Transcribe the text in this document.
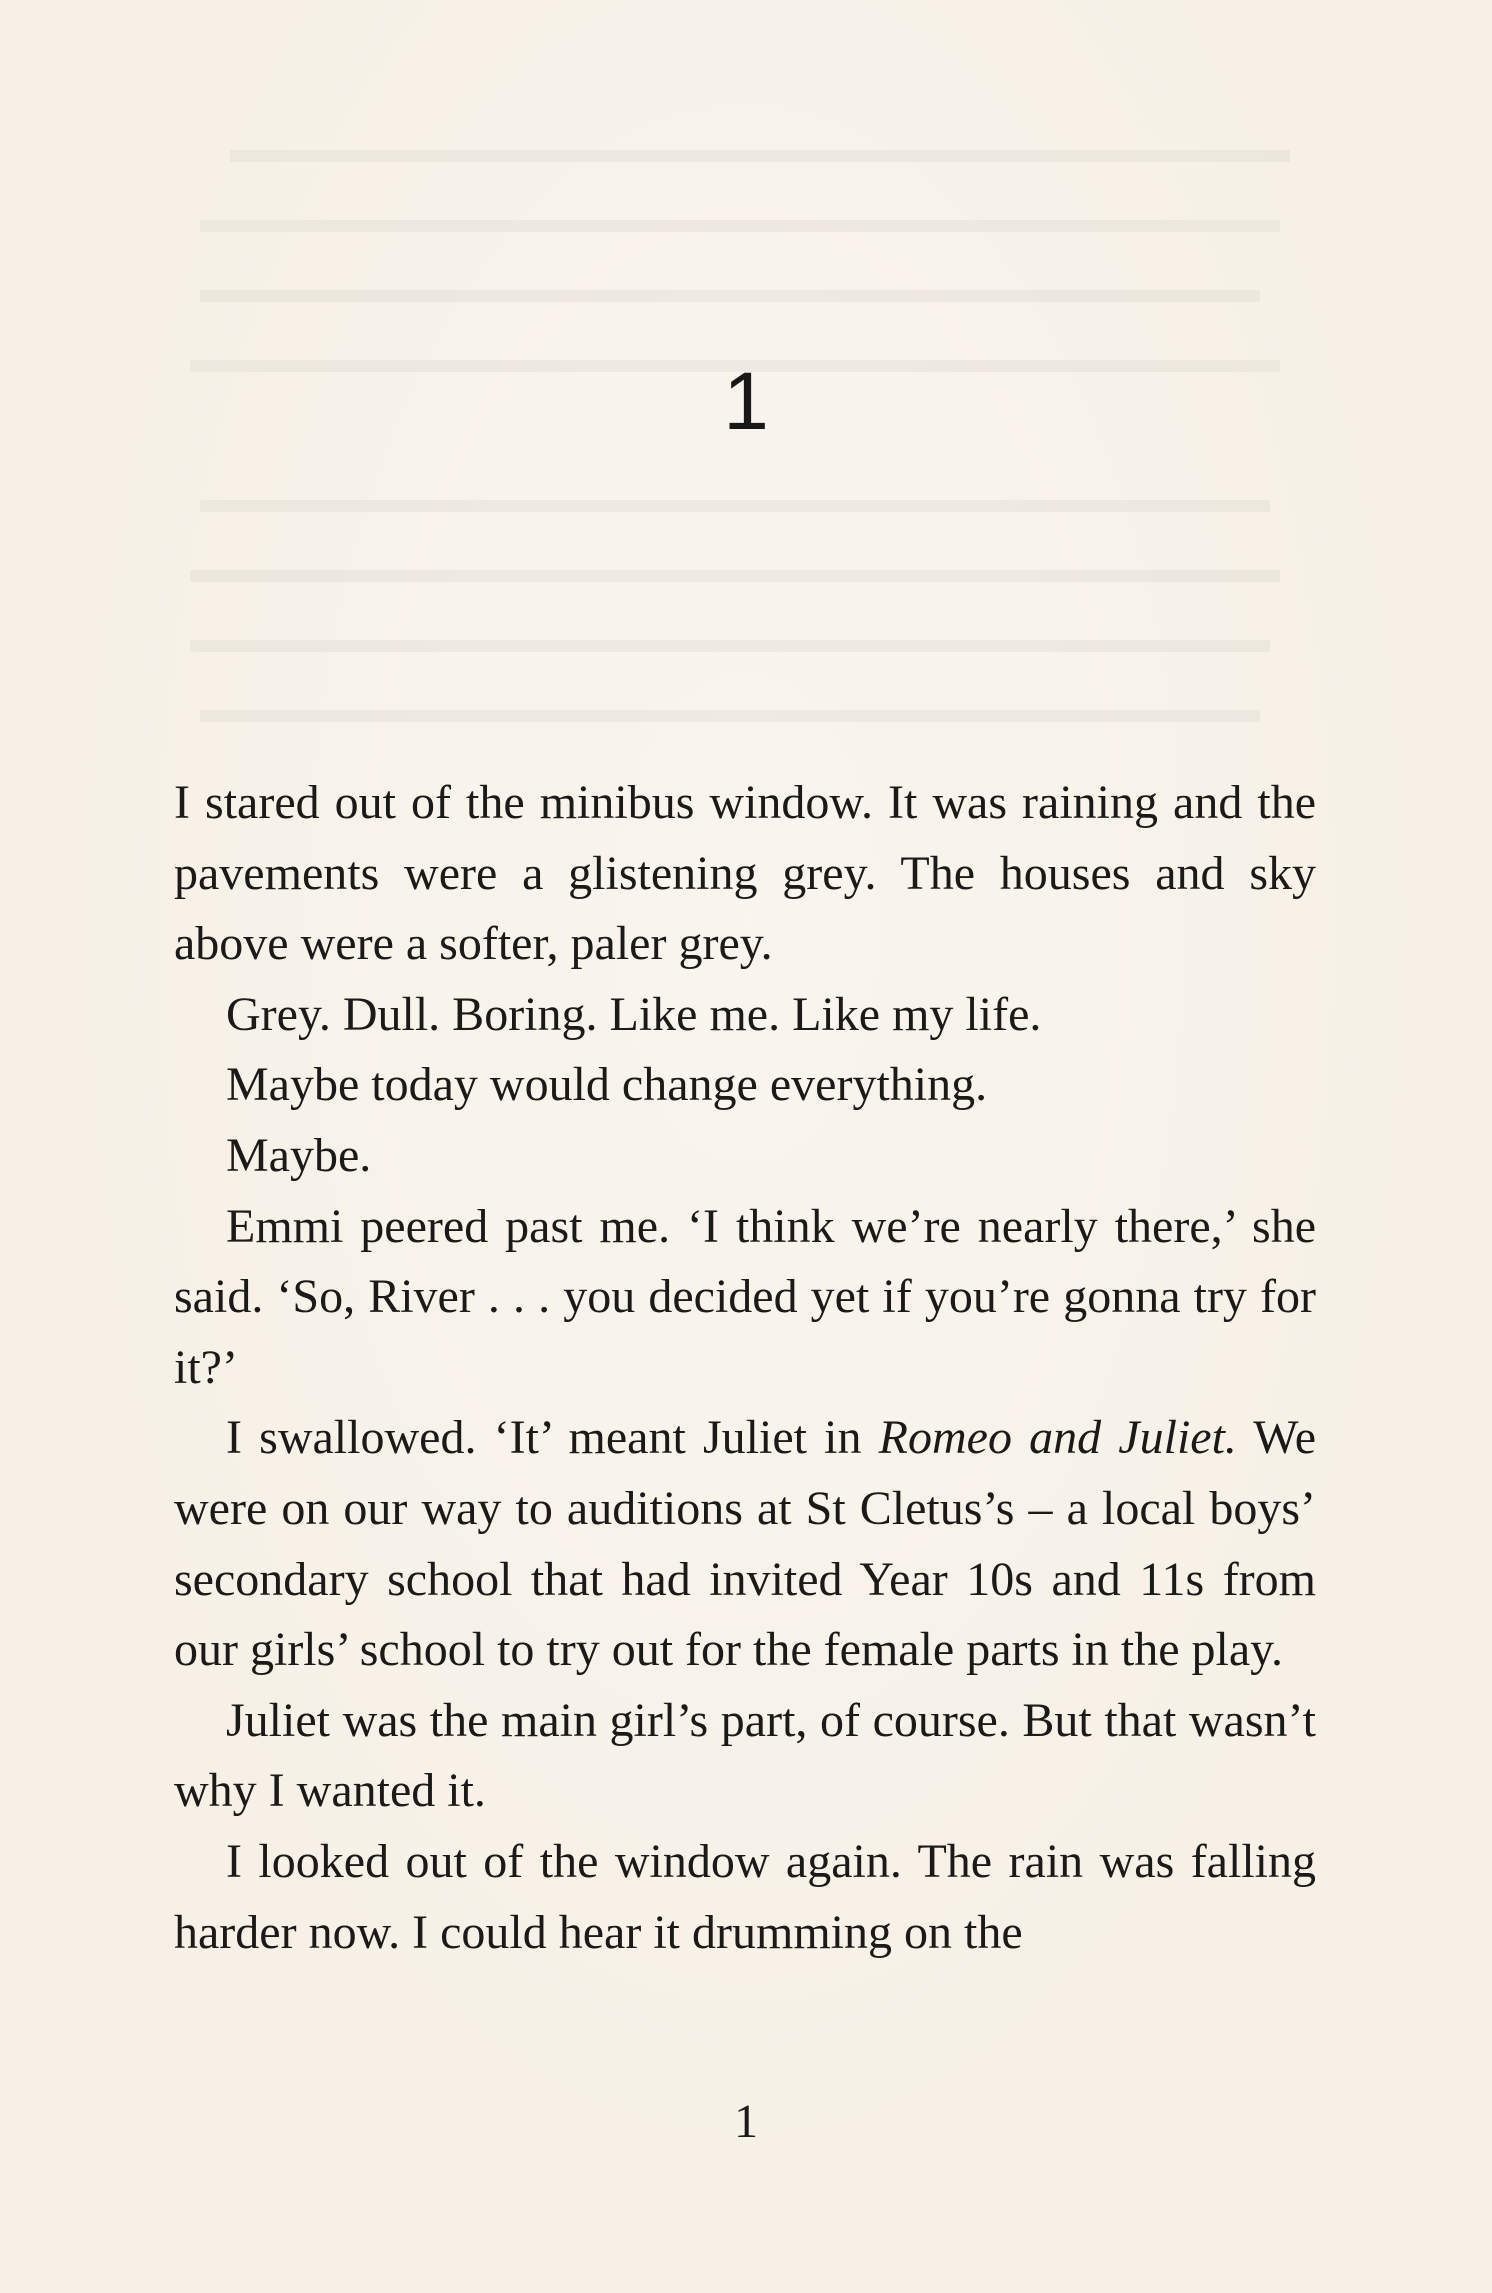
1

I stared out of the minibus window. It was raining and the pavements were a glistening grey. The houses and sky above were a softer, paler grey.

Grey. Dull. Boring. Like me. Like my life.

Maybe today would change everything.

Maybe.

Emmi peered past me. ‘I think we’re nearly there,’ she said. ‘So, River . . . you decided yet if you’re gonna try for it?’

I swallowed. ‘It’ meant Juliet in Romeo and Juliet. We were on our way to auditions at St Cletus’s – a local boys’ secondary school that had invited Year 10s and 11s from our girls’ school to try out for the female parts in the play.

Juliet was the main girl’s part, of course. But that wasn’t why I wanted it.

I looked out of the window again. The rain was falling harder now. I could hear it drumming on the

1
